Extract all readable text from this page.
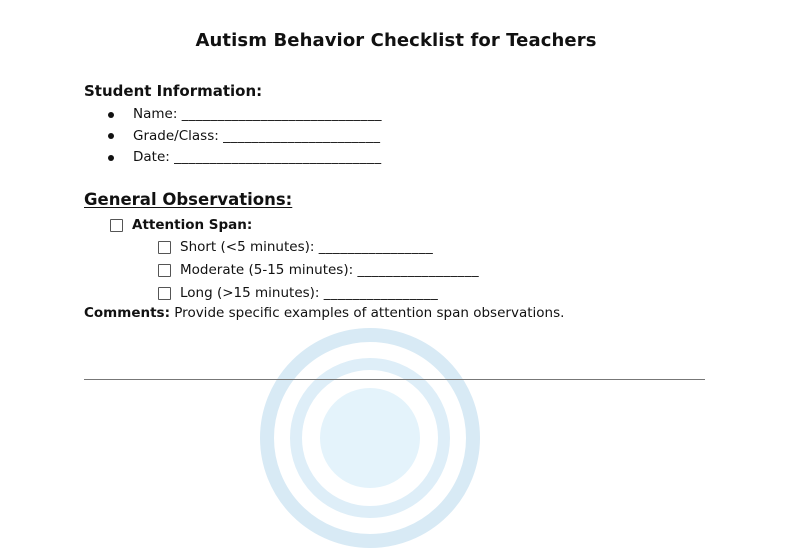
Autism Behavior Checklist for Teachers
Student Information:
Name:
____________________________
Grade/Class:
______________________
Date:
_____________________________
General Observations:
Attention Span:
Short (<5 minutes):
________________
Moderate (5-15 minutes):
_________________
Long (>15 minutes):
________________
Comments: Provide specific examples of attention span observations.
